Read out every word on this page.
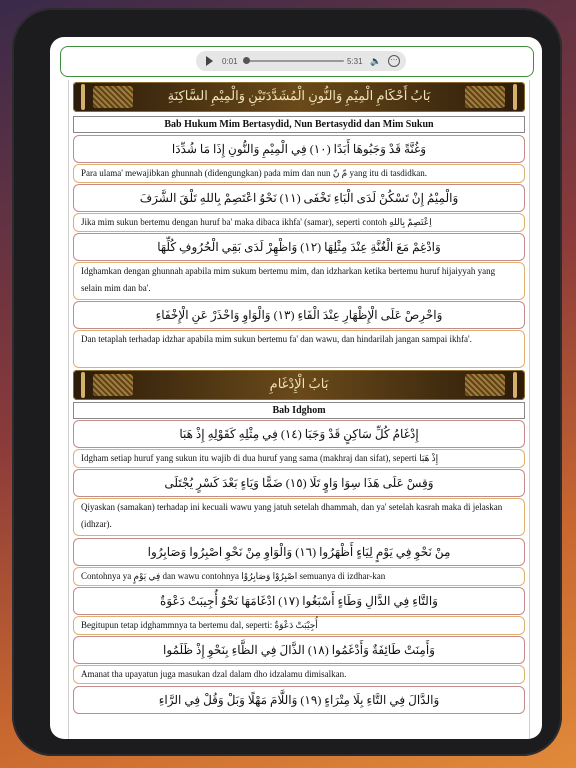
0:01	5:31 🔈	⋯
بَابُ أَحْكَامِ الْمِيْمِ وَالنُّونِ الْمُشَدَّدَتَيْنِ وَالْمِيْمِ السَّاكِنَةِ
Bab Hukum Mim Bertasydid, Nun Bertasydid dan Mim Sukun
وَغُنَّةً قَدْ وَجَبُوهَا أَبَدًا (١٠) فِي الْمِيْمِ وَالنُّونِ إِذَا مَا شُدِّدَا
Para ulama' mewajibkan ghunnah (didengungkan) pada mim dan nun مّ نّ yang itu di tasdidkan.
وَالْمِيْمُ إِنْ تَسْكُنْ لَدَى الْبَاءِ تَخْفَى (١١) نَحْوُ اعْتَصِمْ بِاللهِ تَلْقَ الشَّرَفَ
Jika mim sukun bertemu dengan huruf ba' maka dibaca ikhfa' (samar), seperti contoh اِعْتَصِمْ بِاللهِ
وَادْغِمْ مَعَ الْغُنَّةِ عِنْدَ مِثْلِهَا (١٢) وَاظْهِرْ لَدَى بَقِي الْحُرُوفِ كُلِّهَا
Idghamkan dengan ghunnah apabila mim sukum bertemu mim, dan idzharkan ketika bertemu huruf hijaiyyah yang selain mim dan ba'.
وَاحْرِصْ عَلَى الْإِظْهَارِ عِنْدَ الْفَاءِ (١٣) وَالْوَاوِ وَاحْذَرْ عَنِ الْإِخْفَاءِ
Dan tetaplah terhadap idzhar apabila mim sukun bertemu fa' dan wawu, dan hindarilah jangan sampai ikhfa'.
بَابُ الْإِدْغَامِ
Bab Idghom
إِدْغَامُ كُلِّ سَاكِنٍ قَدْ وَجَبَا (١٤) فِي مِثْلِهِ كَقَوْلِهِ إِذْ هَبَا
Idgham setiap huruf yang sukun itu wajib di dua huruf yang sama (makhraj dan sifat), seperti إِذْ هَبَا
وَقِسْ عَلَى هَذَا سِوَا وَاوٍ تَلَا (١٥) ضَمًّا وَيَاءٍ بَعْدَ كَسْرٍ يُجْتَلَى
Qiyaskan (samakan) terhadap ini kecuali wawu yang jatuh setelah dhammah, dan ya' setelah kasrah maka di jelaskan (idhzar).
مِنْ نَحْوِ فِي يَوْمٍ لِيَاءٍ أَظْهَرُوا (١٦) وَالْوَاوِ مِنْ نَحْوِ اصْبِرُوا وَصَابِرُوا
Contohnya ya فِي يَوْمٍ dan wawu contohnya اصْبِرُوْا وَصَابِرُوْا semuanya di izdhar-kan
وَالتَّاءِ فِي الدَّالِ وَطَاءٍ أَسْبَغُوا (١٧) ادْغَامَهَا نَحْوُ أُجِيبَتْ دَعْوَةٌ
Begitupun tetap idghammnya ta bertemu dal, seperti: أُجِيْبَتْ دَعْوَةٌ
وَأَمِنَتْ طَائِفَةٌ وَأَدْغَمُوا (١٨) الذَّالَ فِي الظَّاءِ بِنَحْوِ إِذْ ظَلَمُوا
Amanat tha upayatun juga masukan dzal dalam dho idzalamu dimisalkan.
وَالدَّالَ فِي التَّاءِ بِلَا مِتْرَاءٍ (١٩) وَاللَّامَ مَهْلًا وَبَلْ وَقُلْ فِي الرَّاءِ
